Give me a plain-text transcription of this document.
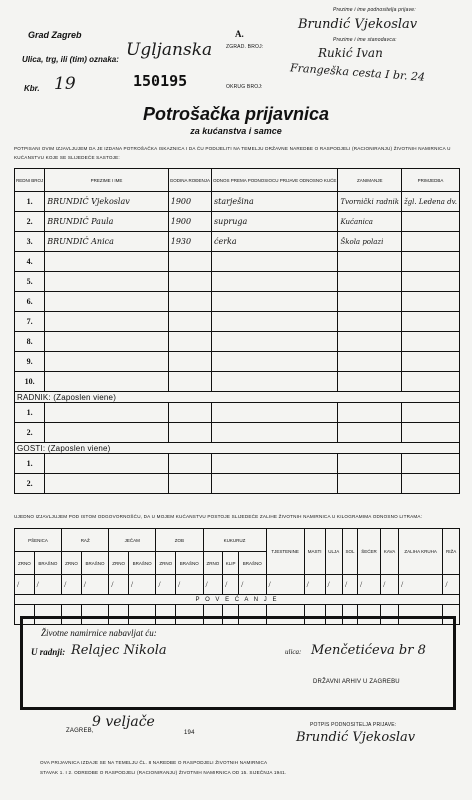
Grad Zagreb	A.
ZGRAD. BROJ:
Ulica, trg, ili (tim) oznaka: Ugljanska
Kbr. 19	OKRUG BROJ:
150195
Prezime i ime podnositelja prijave:
Brundić Vjekoslav
Prezime i ime stanodavca:
Rukić Ivan
Frangeška cesta I br. 24
Potrošačka prijavnica
za kućanstva i samce
POTPISANI OVIM IZJAVLJUJEM DA JE IZDANA POTROŠAČKA ISKAZNICA I DA ĆU PODIJELITI NA TEMELJU DRŽAVNE NAREDBE O RASPODJELI (RACIONIRANJU) ŽIVOTNIH NAMIRNICA U KUĆANSTVU KOJE SE SLIJEDEĆE SASTOJE:
REDNI BROJ	PREZIME I IME	GODINA ROĐENJA	ODNOS PREMA PODNOSIOCU PRIJAVE ODNOSNO KUĆE	ZANIMANJE	PRIMJEDBA
1.	BRUNDIĆ Vjekoslav	1900	starješina	Tvornički radnik	žgl. Ledena dv.
2.	BRUNDIĆ Paula	1900	supruga	Kućanica	
3.	BRUNDIĆ Anica	1930	ćerka	Škola polazi	
4.					
5.					
6.					
7.					
8.					
9.					
10.					
RADNIK: (Zaposlen viene)					
1.					
2.					
GOSTI: (Zaposlen viene)					
1.					
2.					
UJEDNO IZJAVLJUJEM POD ISTOM ODGOVORNOŠĆU, DA U MOJEM KUĆANSTVU POSTOJE SLIJEDEĆE ZALIHE ŽIVOTNIH NAMIRNICA U KILOGRAMIMA ODNOSNO LITRAMA:
PŠENICA		RAŽ		JEČAM		ZOB		KUKURUZ			TJESTENINE	MASTI	ULJA	SOL	ŠEĆER	KAVA	ZALIHA KRUHA	RIŽA
ZRNO	BRAŠNO	ZRNO	BRAŠNO	ZRNO	BRAŠNO	ZRNO	BRAŠNO	ZRNO	KLIP	BRAŠNO								
/	/	/	/	/	/	/	/	/	/	/	/	/	/	/	/	/	/	/
P O V E Ć A N J E																		

Životne namirnice nabavljat ću:
U radnji: Relajec Nikola	ulica: Menčetićeva br 8
DRŽAVNI ARHIV U ZAGREBU
ZAGREB,
9 veljače
194
POTPIS PODNOSITELJA PRIJAVE:
Brundić Vjekoslav
OVA PRIJAVNICA IZDAJE SE NA TEMELJU ČL. 8 NAREDBE O RASPODJELI ŽIVOTNIH NAMIRNICA
STAVAK 1. I 2. ODREDBE O RASPODJELI (RACIONIRANJU) ŽIVOTNIH NAMIRNICA OD 15. SIJEČNJA 1941.
